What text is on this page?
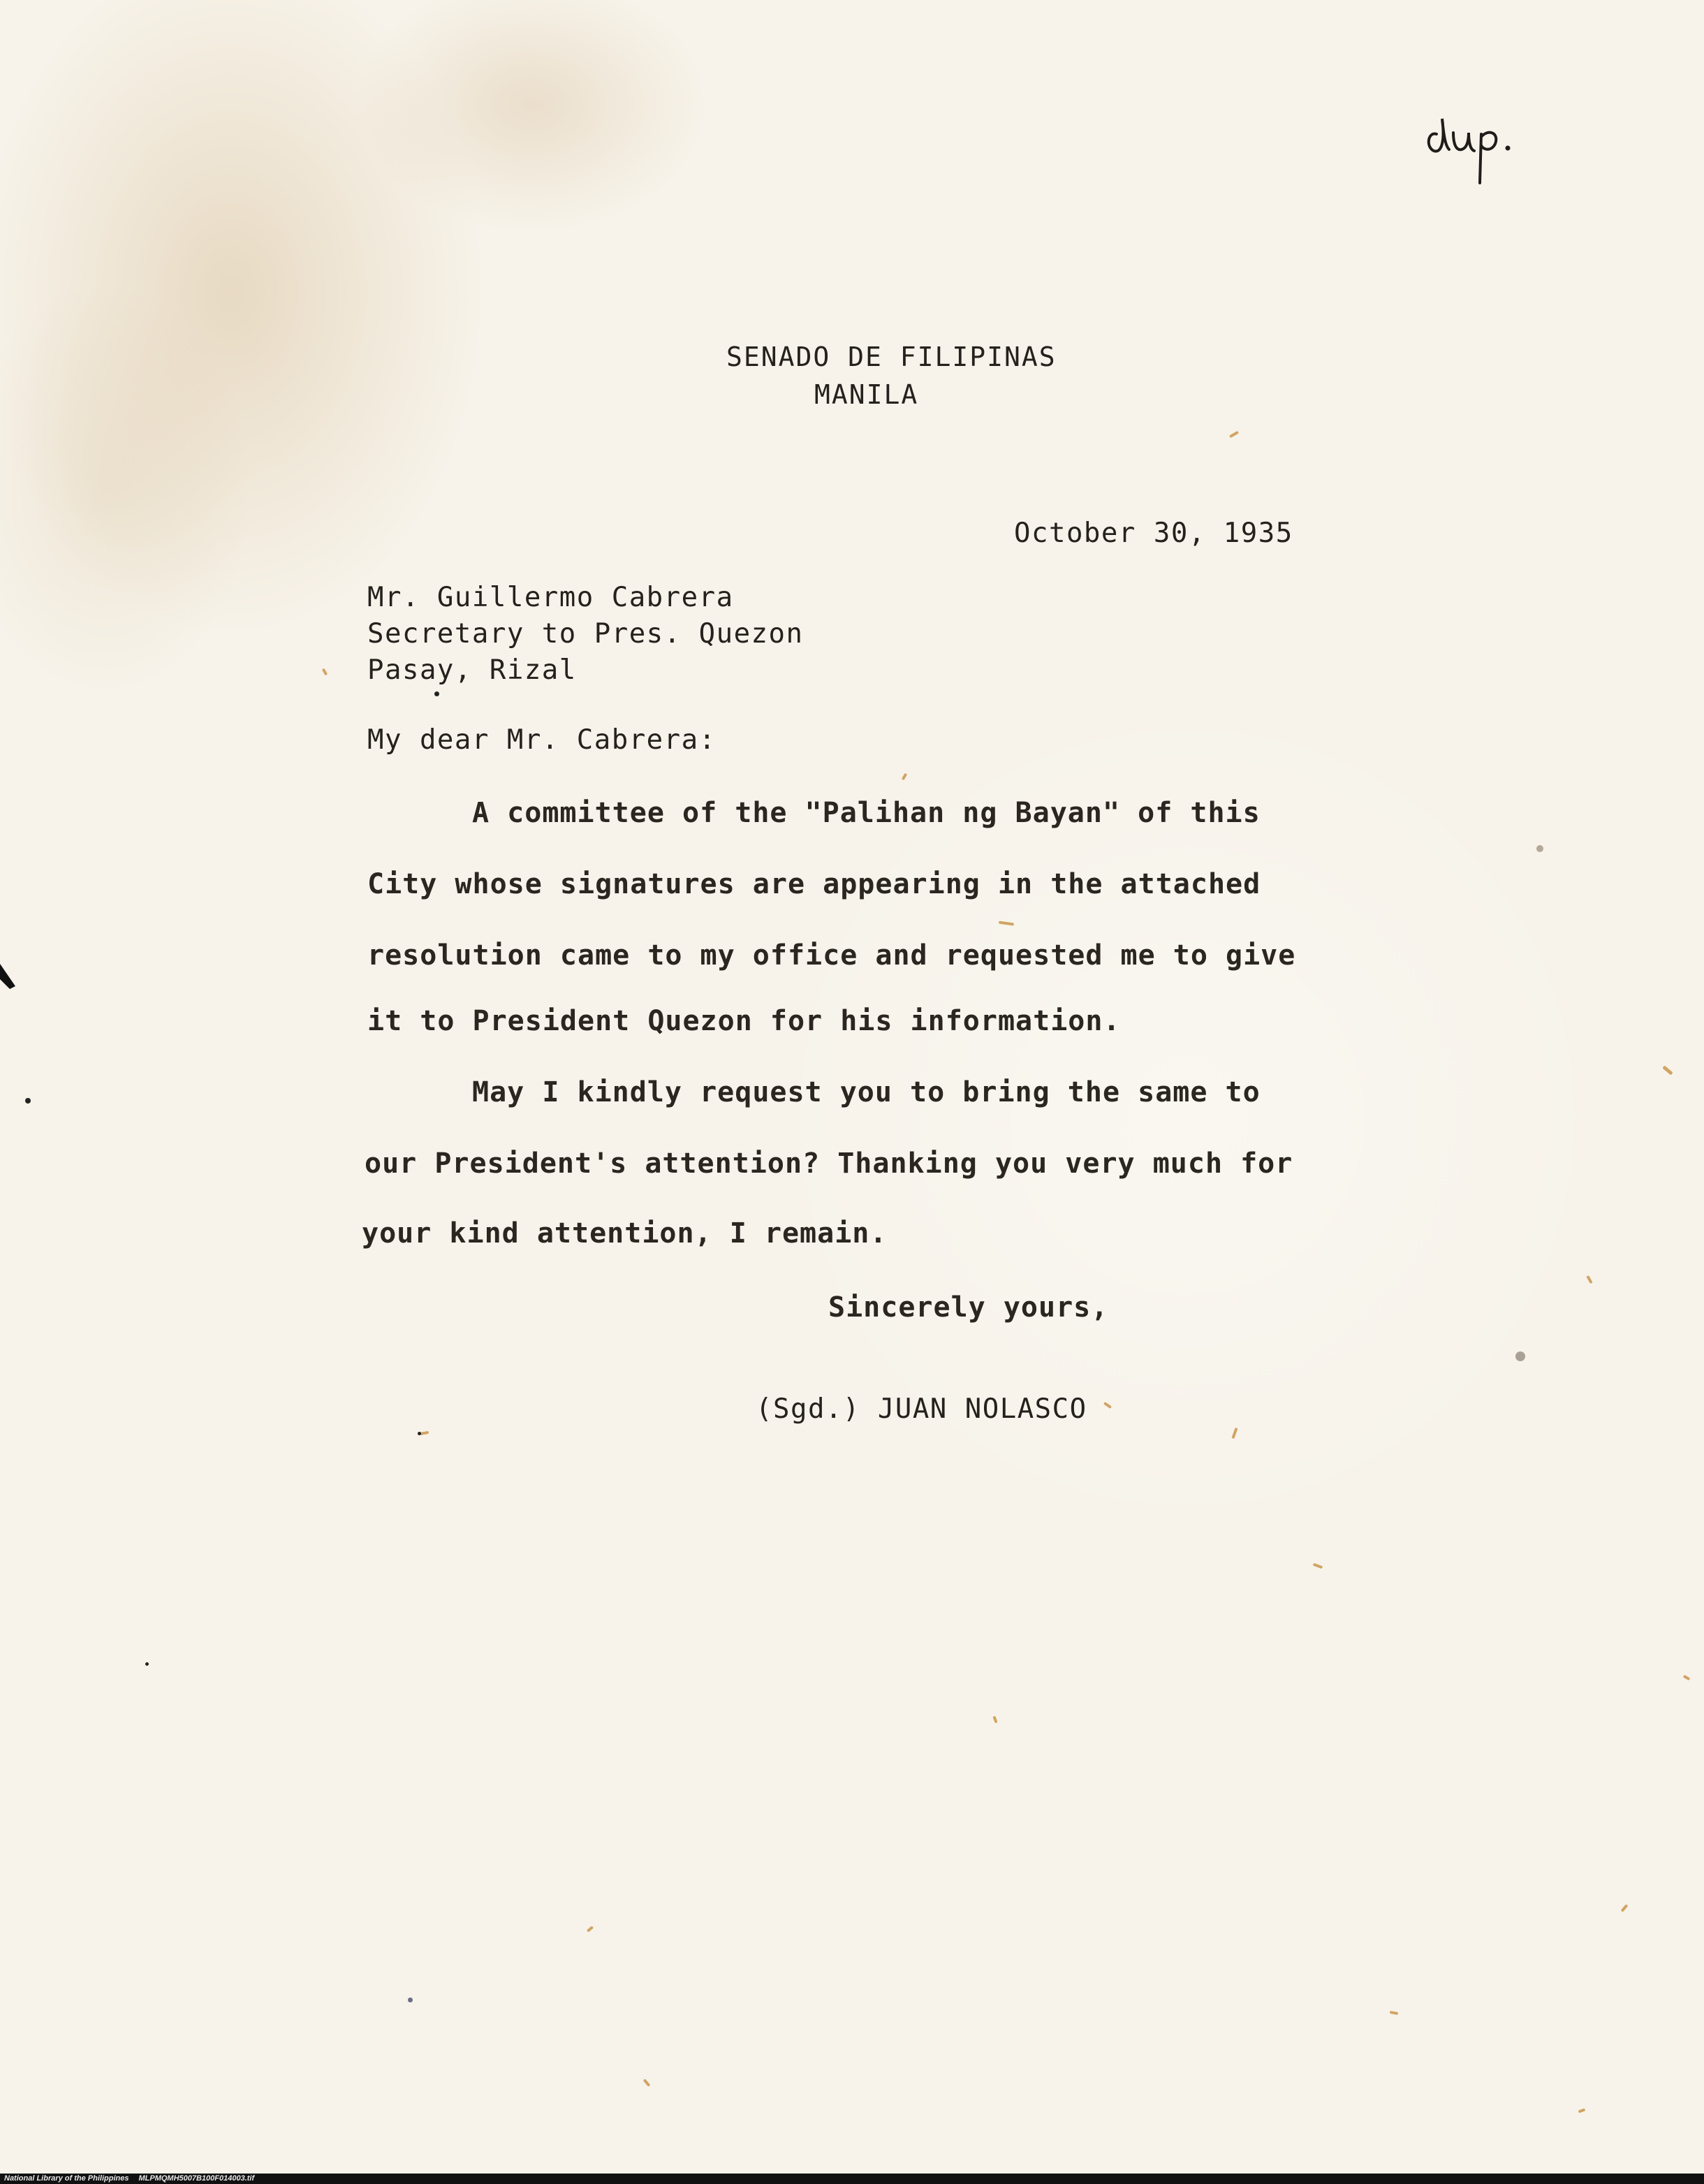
SENADO DE FILIPINAS
MANILA
October 30, 1935
Mr. Guillermo Cabrera
Secretary to Pres. Quezon
Pasay, Rizal
My dear Mr. Cabrera:
A committee of the "Palihan ng Bayan" of this
City whose signatures are appearing in the attached
resolution came to my office and requested me to give
it to President Quezon for his information.
May I kindly request you to bring the same to
our President's attention? Thanking you very much for
your kind attention, I remain.
Sincerely yours,
(Sgd.) JUAN NOLASCO
National Library of the Philippines MLPMQMH5007B100F014003.tif
